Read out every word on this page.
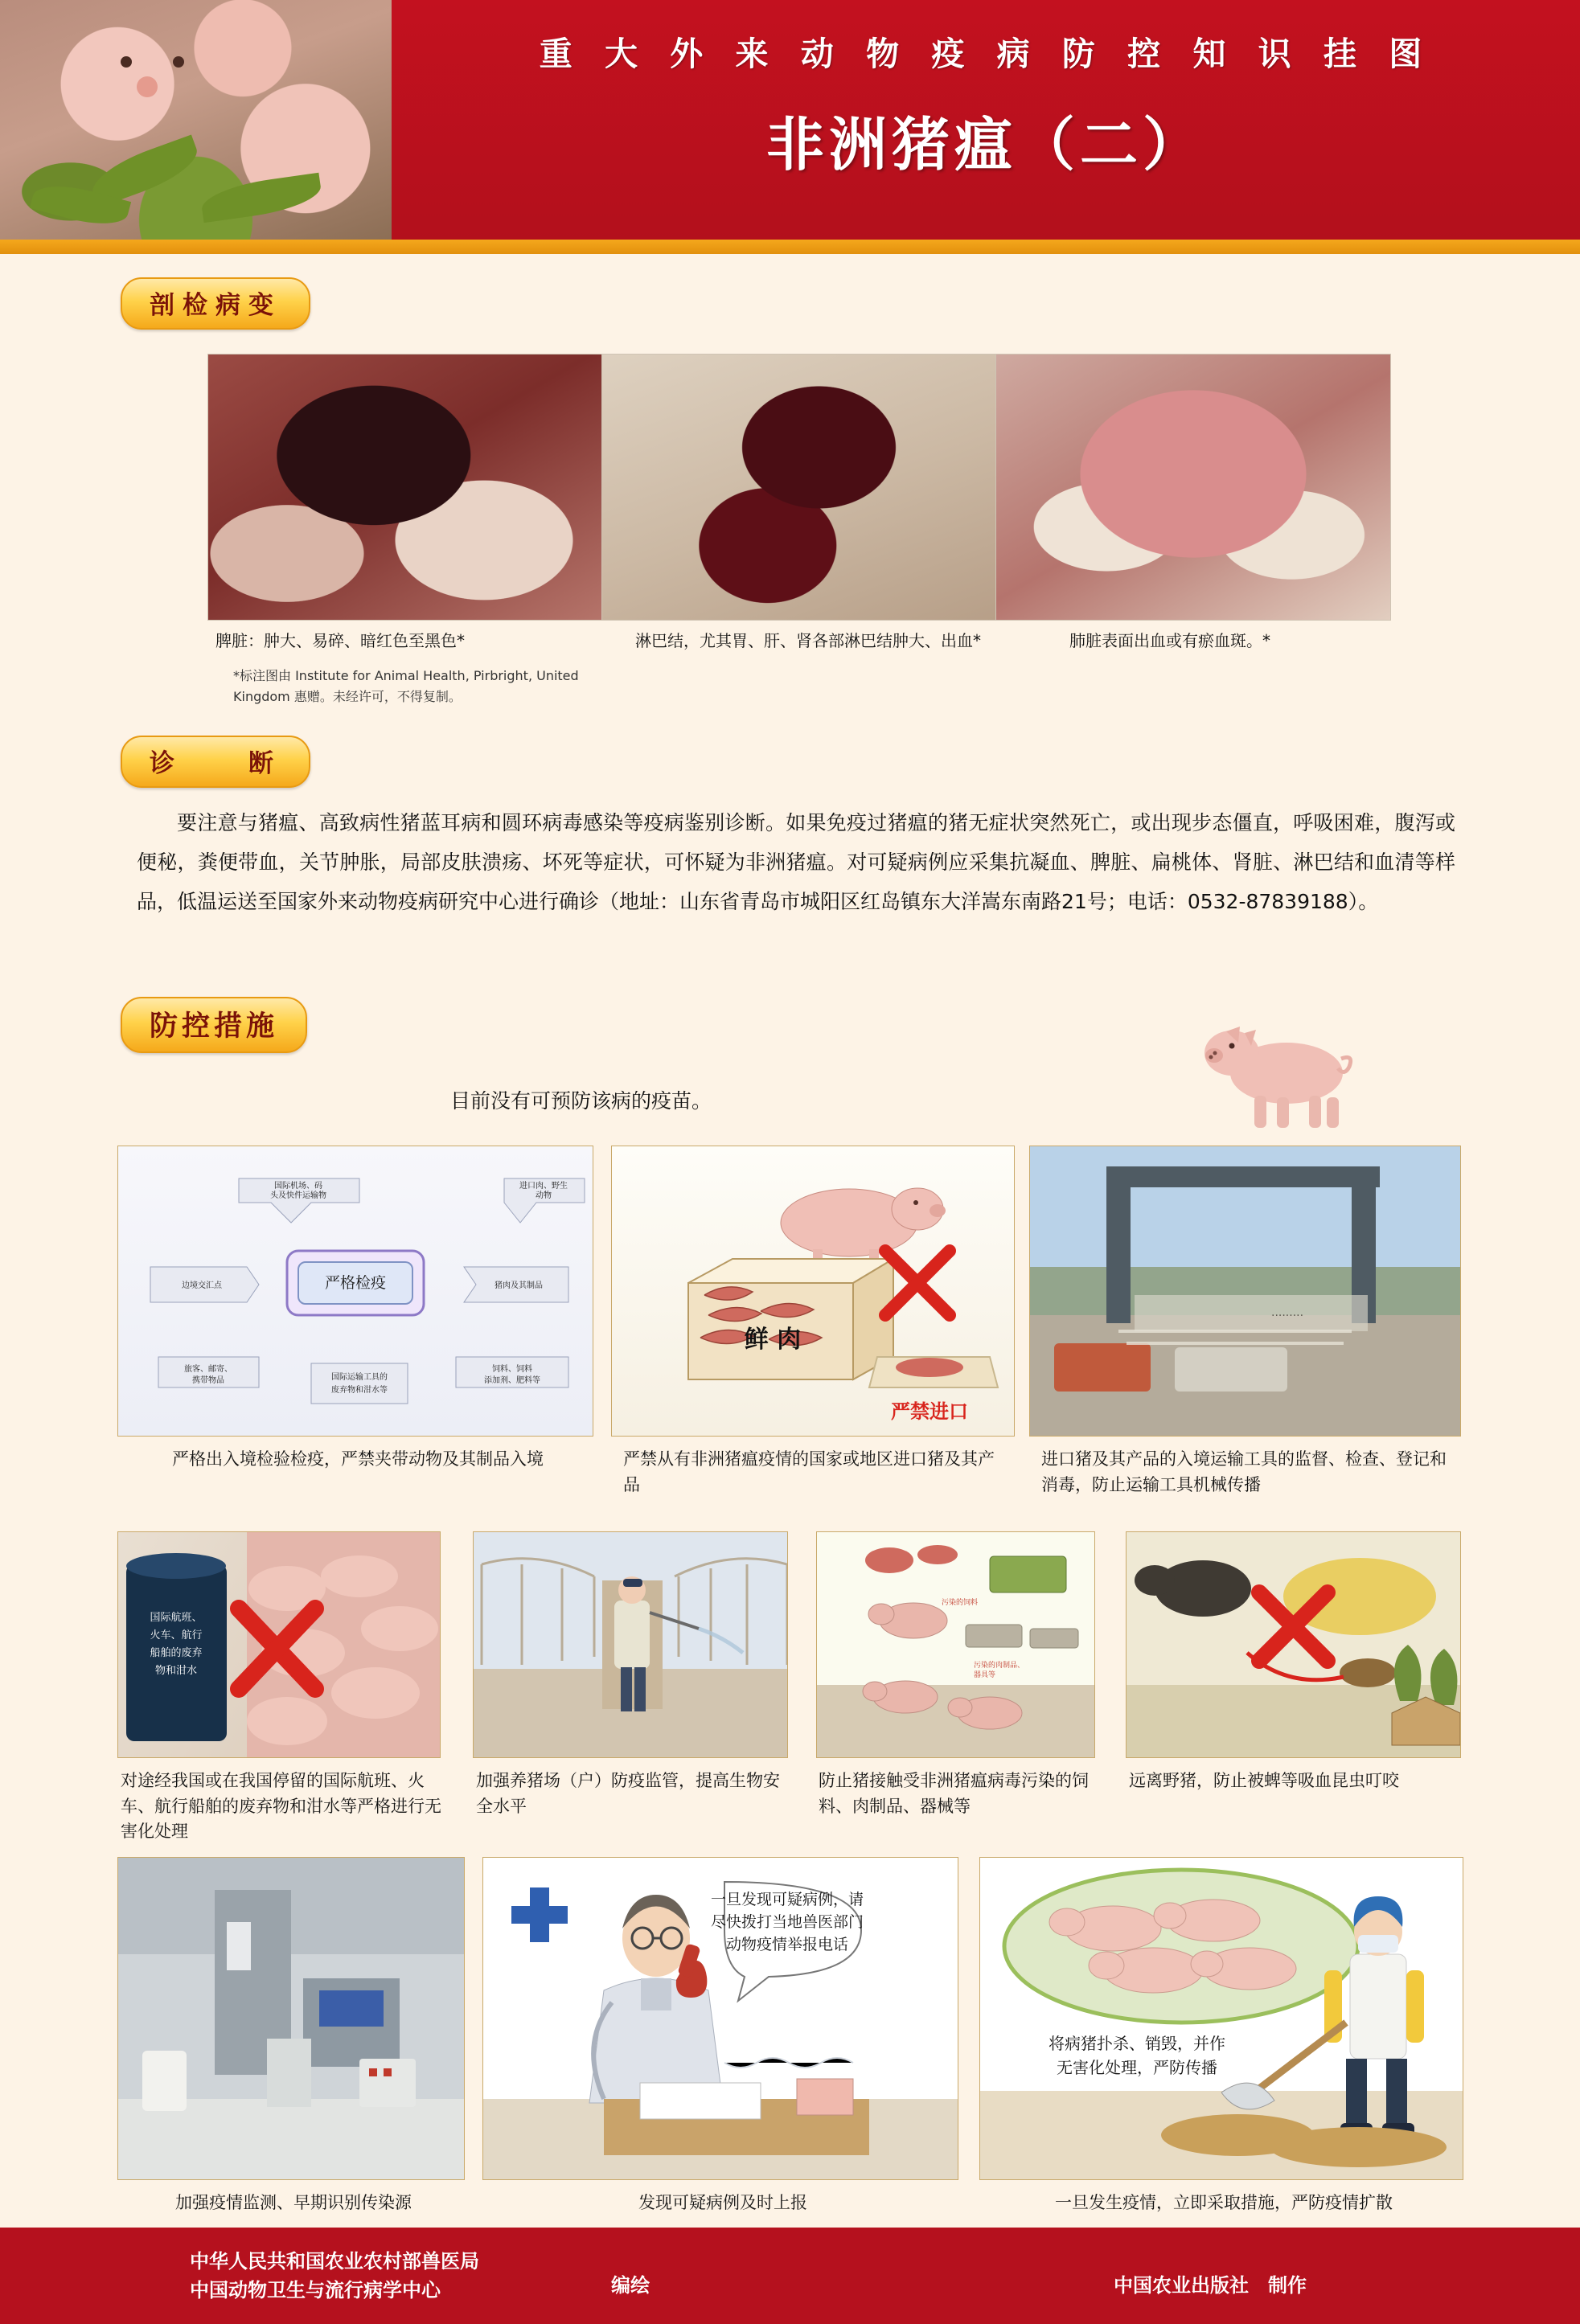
重 大 外 来 动 物 疫 病 防 控 知 识 挂 图
非洲猪瘟（二）
剖检病变
脾脏：肿大、易碎、暗红色至黑色*	淋巴结，尤其胃、肝、肾各部淋巴结肿大、出血*	肺脏表面出血或有瘀血斑。*
*标注图由 Institute for Animal Health, Pirbright, United Kingdom 惠赠。未经许可，不得复制。
诊　　断

要注意与猪瘟、高致病性猪蓝耳病和圆环病毒感染等疫病鉴别诊断。如果免疫过猪瘟的猪无症状突然死亡，或出现步态僵直，呼吸困难，腹泻或便秘，粪便带血，关节肿胀，局部皮肤溃疡、坏死等症状，可怀疑为非洲猪瘟。对可疑病例应采集抗凝血、脾脏、扁桃体、肾脏、淋巴结和血清等样品，低温运送至国家外来动物疫病研究中心进行确诊（地址：山东省青岛市城阳区红岛镇东大洋嵩东南路21号；电话：0532-87839188）。

防控措施
目前没有可预防该病的疫苗。
严格检疫
国际机场、码
头及快件运输物
进口肉、野生
动物
边境交汇点	猪肉及其制品
旅客、邮寄、
携带物品	国际运输工具的
废弃物和泔水等
饲料、饲料
添加剂、肥料等
严格出入境检验检疫，严禁夹带动物及其制品入境
鲜 肉
严禁进口
严禁从有非洲猪瘟疫情的国家或地区进口猪及其产品
·········
进口猪及其产品的入境运输工具的监督、检查、登记和消毒，防止运输工具机械传播
国际航班、
火车、航行
船舶的废弃
物和泔水
对途经我国或在我国停留的国际航班、火车、航行船舶的废弃物和泔水等严格进行无害化处理
加强养猪场（户）防疫监管，提高生物安全水平
污染的饲料
污染的肉制品、
器具等
防止猪接触受非洲猪瘟病毒污染的饲料、肉制品、器械等
远离野猪，防止被蜱等吸血昆虫叮咬
加强疫情监测、早期识别传染源
一旦发现可疑病例，请
尽快拨打当地兽医部门
动物疫情举报电话
发现可疑病例及时上报
将病猪扑杀、销毁，并作
无害化处理，严防传播
一旦发生疫情，立即采取措施，严防疫情扩散
中华人民共和国农业农村部兽医局
中国动物卫生与流行病学中心	编绘	中国农业出版社　制作
